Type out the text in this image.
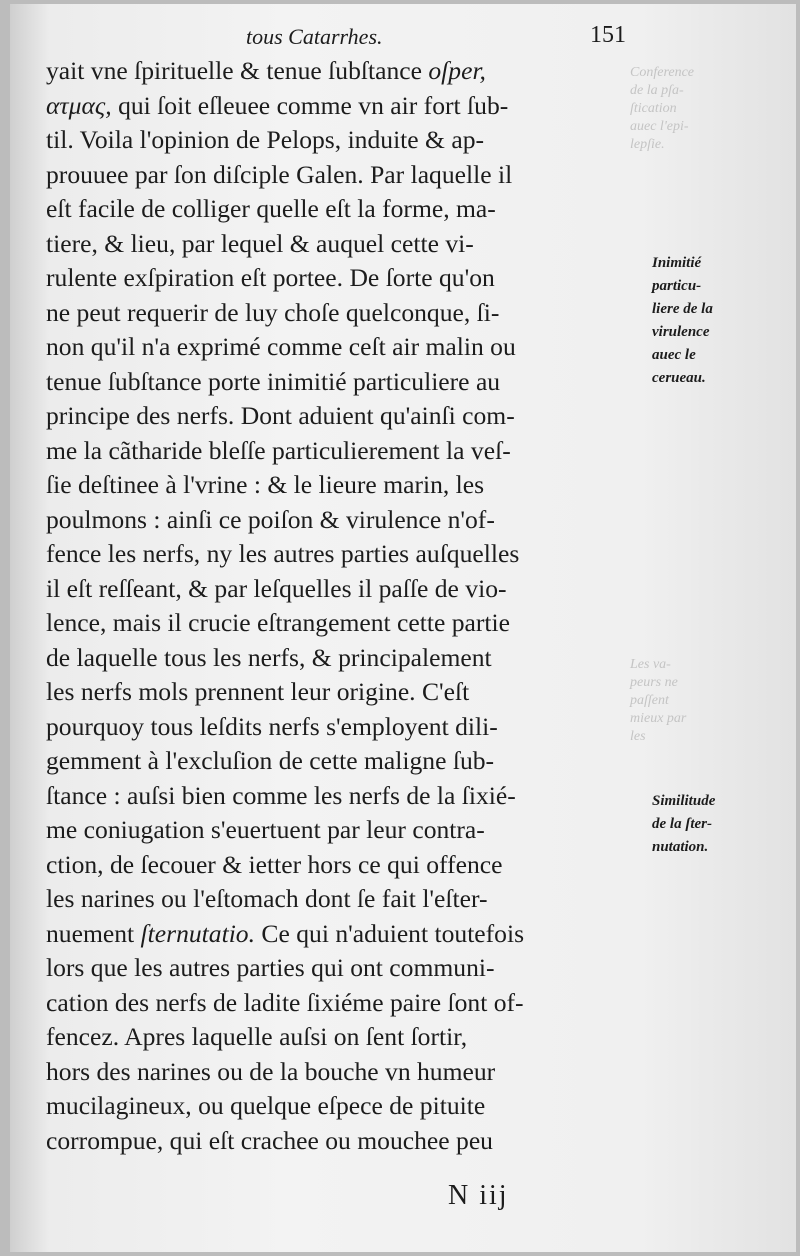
Conference
de la pſa-
ſtication
auec l'epi-
lepſie.
Les va-
peurs ne
paſſent
mieux par
les
tous Catarrhes.	151
yait vne ſpirituelle & tenue ſubſtance oſper,
ατμας, qui ſoit eſleuee comme vn air fort ſub-
til. Voila l'opinion de Pelops, induite & ap-
prouuee par ſon diſciple Galen. Par laquelle il
eſt facile de colliger quelle eſt la forme, ma-
tiere, & lieu, par lequel & auquel cette vi-
rulente exſpiration eſt portee. De ſorte qu'on
ne peut requerir de luy choſe quelconque, ſi-
non qu'il n'a exprimé comme ceſt air malin ou
tenue ſubſtance porte inimitié particuliere au
principe des nerfs. Dont aduient qu'ainſi com-
me la cãtharide bleſſe particulierement la veſ-
ſie deſtinee à l'vrine : & le lieure marin, les
poulmons : ainſi ce poiſon & virulence n'of-
fence les nerfs, ny les autres parties auſquelles
il eſt reſſeant, & par leſquelles il paſſe de vio-
lence, mais il crucie eſtrangement cette partie
de laquelle tous les nerfs, & principalement
les nerfs mols prennent leur origine. C'eſt
pourquoy tous leſdits nerfs s'employent dili-
gemment à l'excluſion de cette maligne ſub-
ſtance : auſsi bien comme les nerfs de la ſixié-
me coniugation s'euertuent par leur contra-
ction, de ſecouer & ietter hors ce qui offence
les narines ou l'eſtomach dont ſe fait l'eſter-
nuement ſternutatio. Ce qui n'aduient toutefois
lors que les autres parties qui ont communi-
cation des nerfs de ladite ſixiéme paire ſont of-
fencez. Apres laquelle auſsi on ſent ſortir,
hors des narines ou de la bouche vn humeur
mucilagineux, ou quelque eſpece de pituite
corrompue, qui eſt crachee ou mouchee peu
Inimitié
particu-
liere de la
virulence
auec le
cerueau.
Similitude
de la ſter-
nutation.
N iij
